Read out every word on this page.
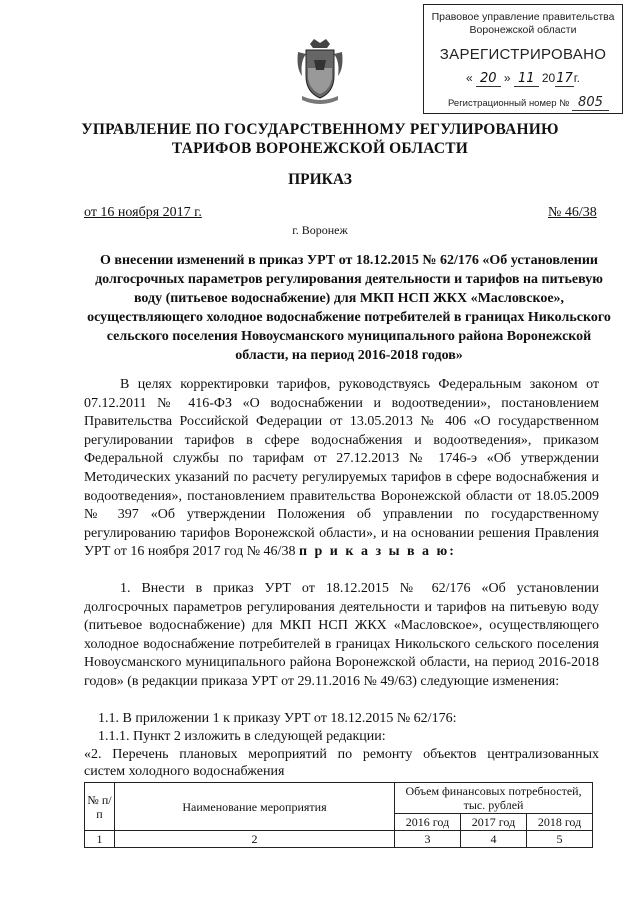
Правовое управление правительства
Воронежской области
ЗАРЕГИСТРИРОВАНО
« 20 » 11 2017г.
Регистрационный номер № 805
УПРАВЛЕНИЕ ПО ГОСУДАРСТВЕННОМУ РЕГУЛИРОВАНИЮ
ТАРИФОВ ВОРОНЕЖСКОЙ ОБЛАСТИ
ПРИКАЗ
от 16 ноября 2017 г.	№ 46/38
г. Воронеж
О внесении изменений в приказ УРТ от 18.12.2015 № 62/176 «Об установлении долгосрочных параметров регулирования деятельности и тарифов на питьевую воду (питьевое водоснабжение) для МКП НСП ЖКХ «Масловское», осуществляющего холодное водоснабжение потребителей в границах Никольского сельского поселения Новоусманского муниципального района Воронежской области, на период 2016-2018 годов»

В целях корректировки тарифов, руководствуясь Федеральным законом от 07.12.2011 № 416-ФЗ «О водоснабжении и водоотведении», постановлением Правительства Российской Федерации от 13.05.2013 № 406 «О государственном регулировании тарифов в сфере водоснабжения и водоотведения», приказом Федеральной службы по тарифам от 27.12.2013 № 1746-э «Об утверждении Методических указаний по расчету регулируемых тарифов в сфере водоснабжения и водоотведения», постановлением правительства Воронежской области от 18.05.2009 № 397 «Об утверждении Положения об управлении по государственному регулированию тарифов Воронежской области», и на основании решения Правления УРТ от 16 ноября 2017 год № 46/38 п р и к а з ы в а ю:

1. Внести в приказ УРТ от 18.12.2015 № 62/176 «Об установлении долгосрочных параметров регулирования деятельности и тарифов на питьевую воду (питьевое водоснабжение) для МКП НСП ЖКХ «Масловское», осуществляющего холодное водоснабжение потребителей в границах Никольского сельского поселения Новоусманского муниципального района Воронежской области, на период 2016-2018 годов» (в редакции приказа УРТ от 29.11.2016 № 49/63) следующие изменения:

1.1. В приложении 1 к приказу УРТ от 18.12.2015 № 62/176:
1.1.1. Пункт 2 изложить в следующей редакции:
«2. Перечень плановых мероприятий по ремонту объектов централизованных
систем холодного водоснабжения
№ п/п	Наименование мероприятия	Объем финансовых потребностей, тыс. рублей		
		2016 год	2017 год	2018 год
1	2	3	4	5
